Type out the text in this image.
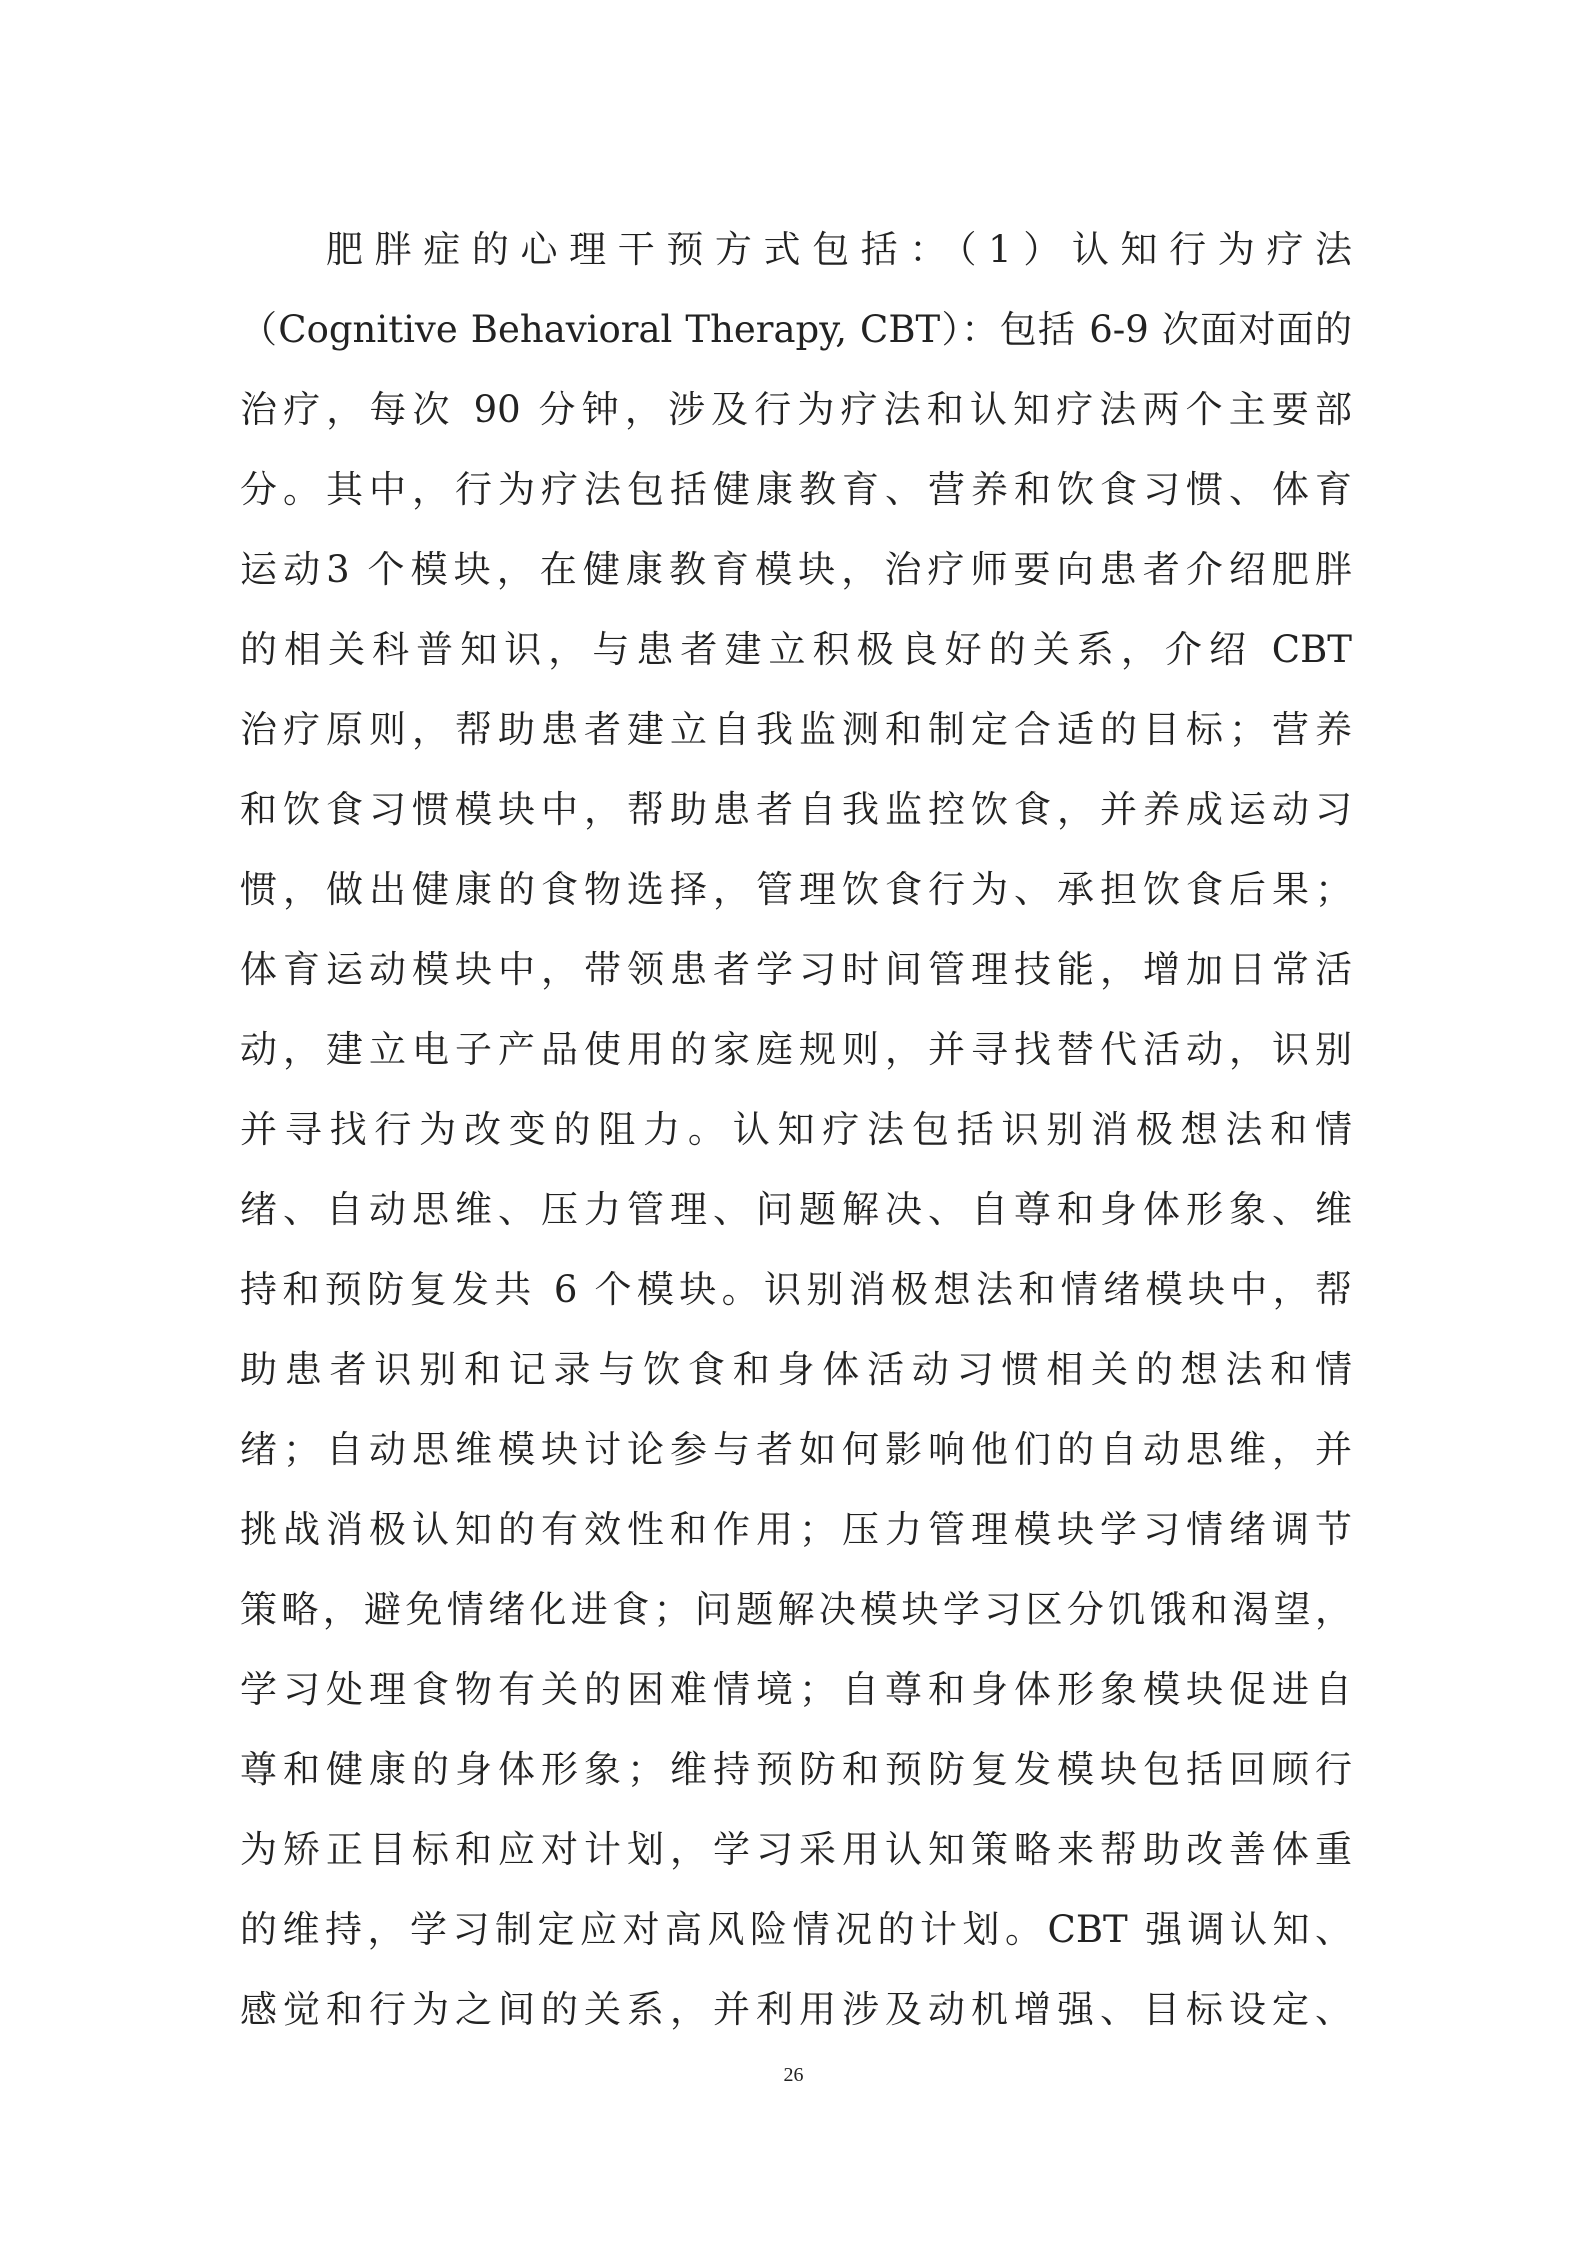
肥胖症的心理干预方式包括：（1）认知行为疗法
（Cognitive Behavioral Therapy, CBT）：包括 6-9 次面对面的
治疗，每次 90 分钟，涉及行为疗法和认知疗法两个主要部
分。其中，行为疗法包括健康教育、营养和饮食习惯、体育
运动3 个模块，在健康教育模块，治疗师要向患者介绍肥胖
的相关科普知识，与患者建立积极良好的关系，介绍 CBT
治疗原则，帮助患者建立自我监测和制定合适的目标；营养
和饮食习惯模块中，帮助患者自我监控饮食，并养成运动习
惯，做出健康的食物选择，管理饮食行为、承担饮食后果；
体育运动模块中，带领患者学习时间管理技能，增加日常活
动，建立电子产品使用的家庭规则，并寻找替代活动，识别
并寻找行为改变的阻力。认知疗法包括识别消极想法和情
绪、自动思维、压力管理、问题解决、自尊和身体形象、维
持和预防复发共 6 个模块。识别消极想法和情绪模块中，帮
助患者识别和记录与饮食和身体活动习惯相关的想法和情
绪；自动思维模块讨论参与者如何影响他们的自动思维，并
挑战消极认知的有效性和作用；压力管理模块学习情绪调节
策略，避免情绪化进食；问题解决模块学习区分饥饿和渴望，
学习处理食物有关的困难情境；自尊和身体形象模块促进自
尊和健康的身体形象；维持预防和预防复发模块包括回顾行
为矫正目标和应对计划，学习采用认知策略来帮助改善体重
的维持，学习制定应对高风险情况的计划。CBT 强调认知、
感觉和行为之间的关系，并利用涉及动机增强、目标设定、
26
